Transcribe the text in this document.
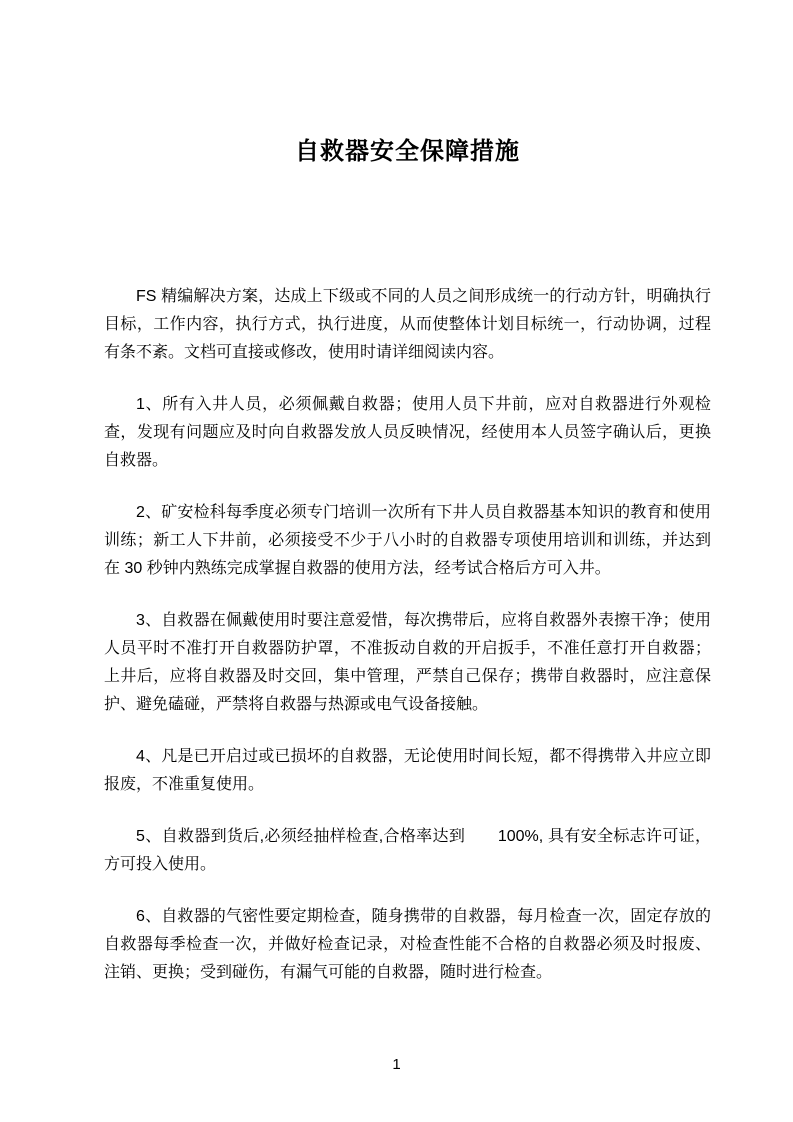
自救器安全保障措施

FS 精编解决方案，达成上下级或不同的人员之间形成统一的行动方针，明确执行目标，工作内容，执行方式，执行进度，从而使整体计划目标统一，行动协调，过程有条不紊。文档可直接或修改，使用时请详细阅读内容。

1、所有入井人员，必须佩戴自救器；使用人员下井前，应对自救器进行外观检查，发现有问题应及时向自救器发放人员反映情况，经使用本人员签字确认后，更换自救器。

2、矿安检科每季度必须专门培训一次所有下井人员自救器基本知识的教育和使用训练；新工人下井前，必须接受不少于八小时的自救器专项使用培训和训练，并达到在 30 秒钟内熟练完成掌握自救器的使用方法，经考试合格后方可入井。

3、自救器在佩戴使用时要注意爱惜，每次携带后，应将自救器外表擦干净；使用人员平时不准打开自救器防护罩，不准扳动自救的开启扳手，不准任意打开自救器；上井后，应将自救器及时交回，集中管理，严禁自己保存；携带自救器时，应注意保护、避免磕碰，严禁将自救器与热源或电气设备接触。

4、凡是已开启过或已损坏的自救器，无论使用时间长短，都不得携带入井应立即报废，不准重复使用。

5、自救器到货后,必须经抽样检查,合格率达到　　100%, 具有安全标志许可证，方可投入使用。

6、自救器的气密性要定期检查，随身携带的自救器，每月检查一次，固定存放的自救器每季检查一次，并做好检查记录，对检查性能不合格的自救器必须及时报废、注销、更换；受到碰伤，有漏气可能的自救器，随时进行检查。

1
